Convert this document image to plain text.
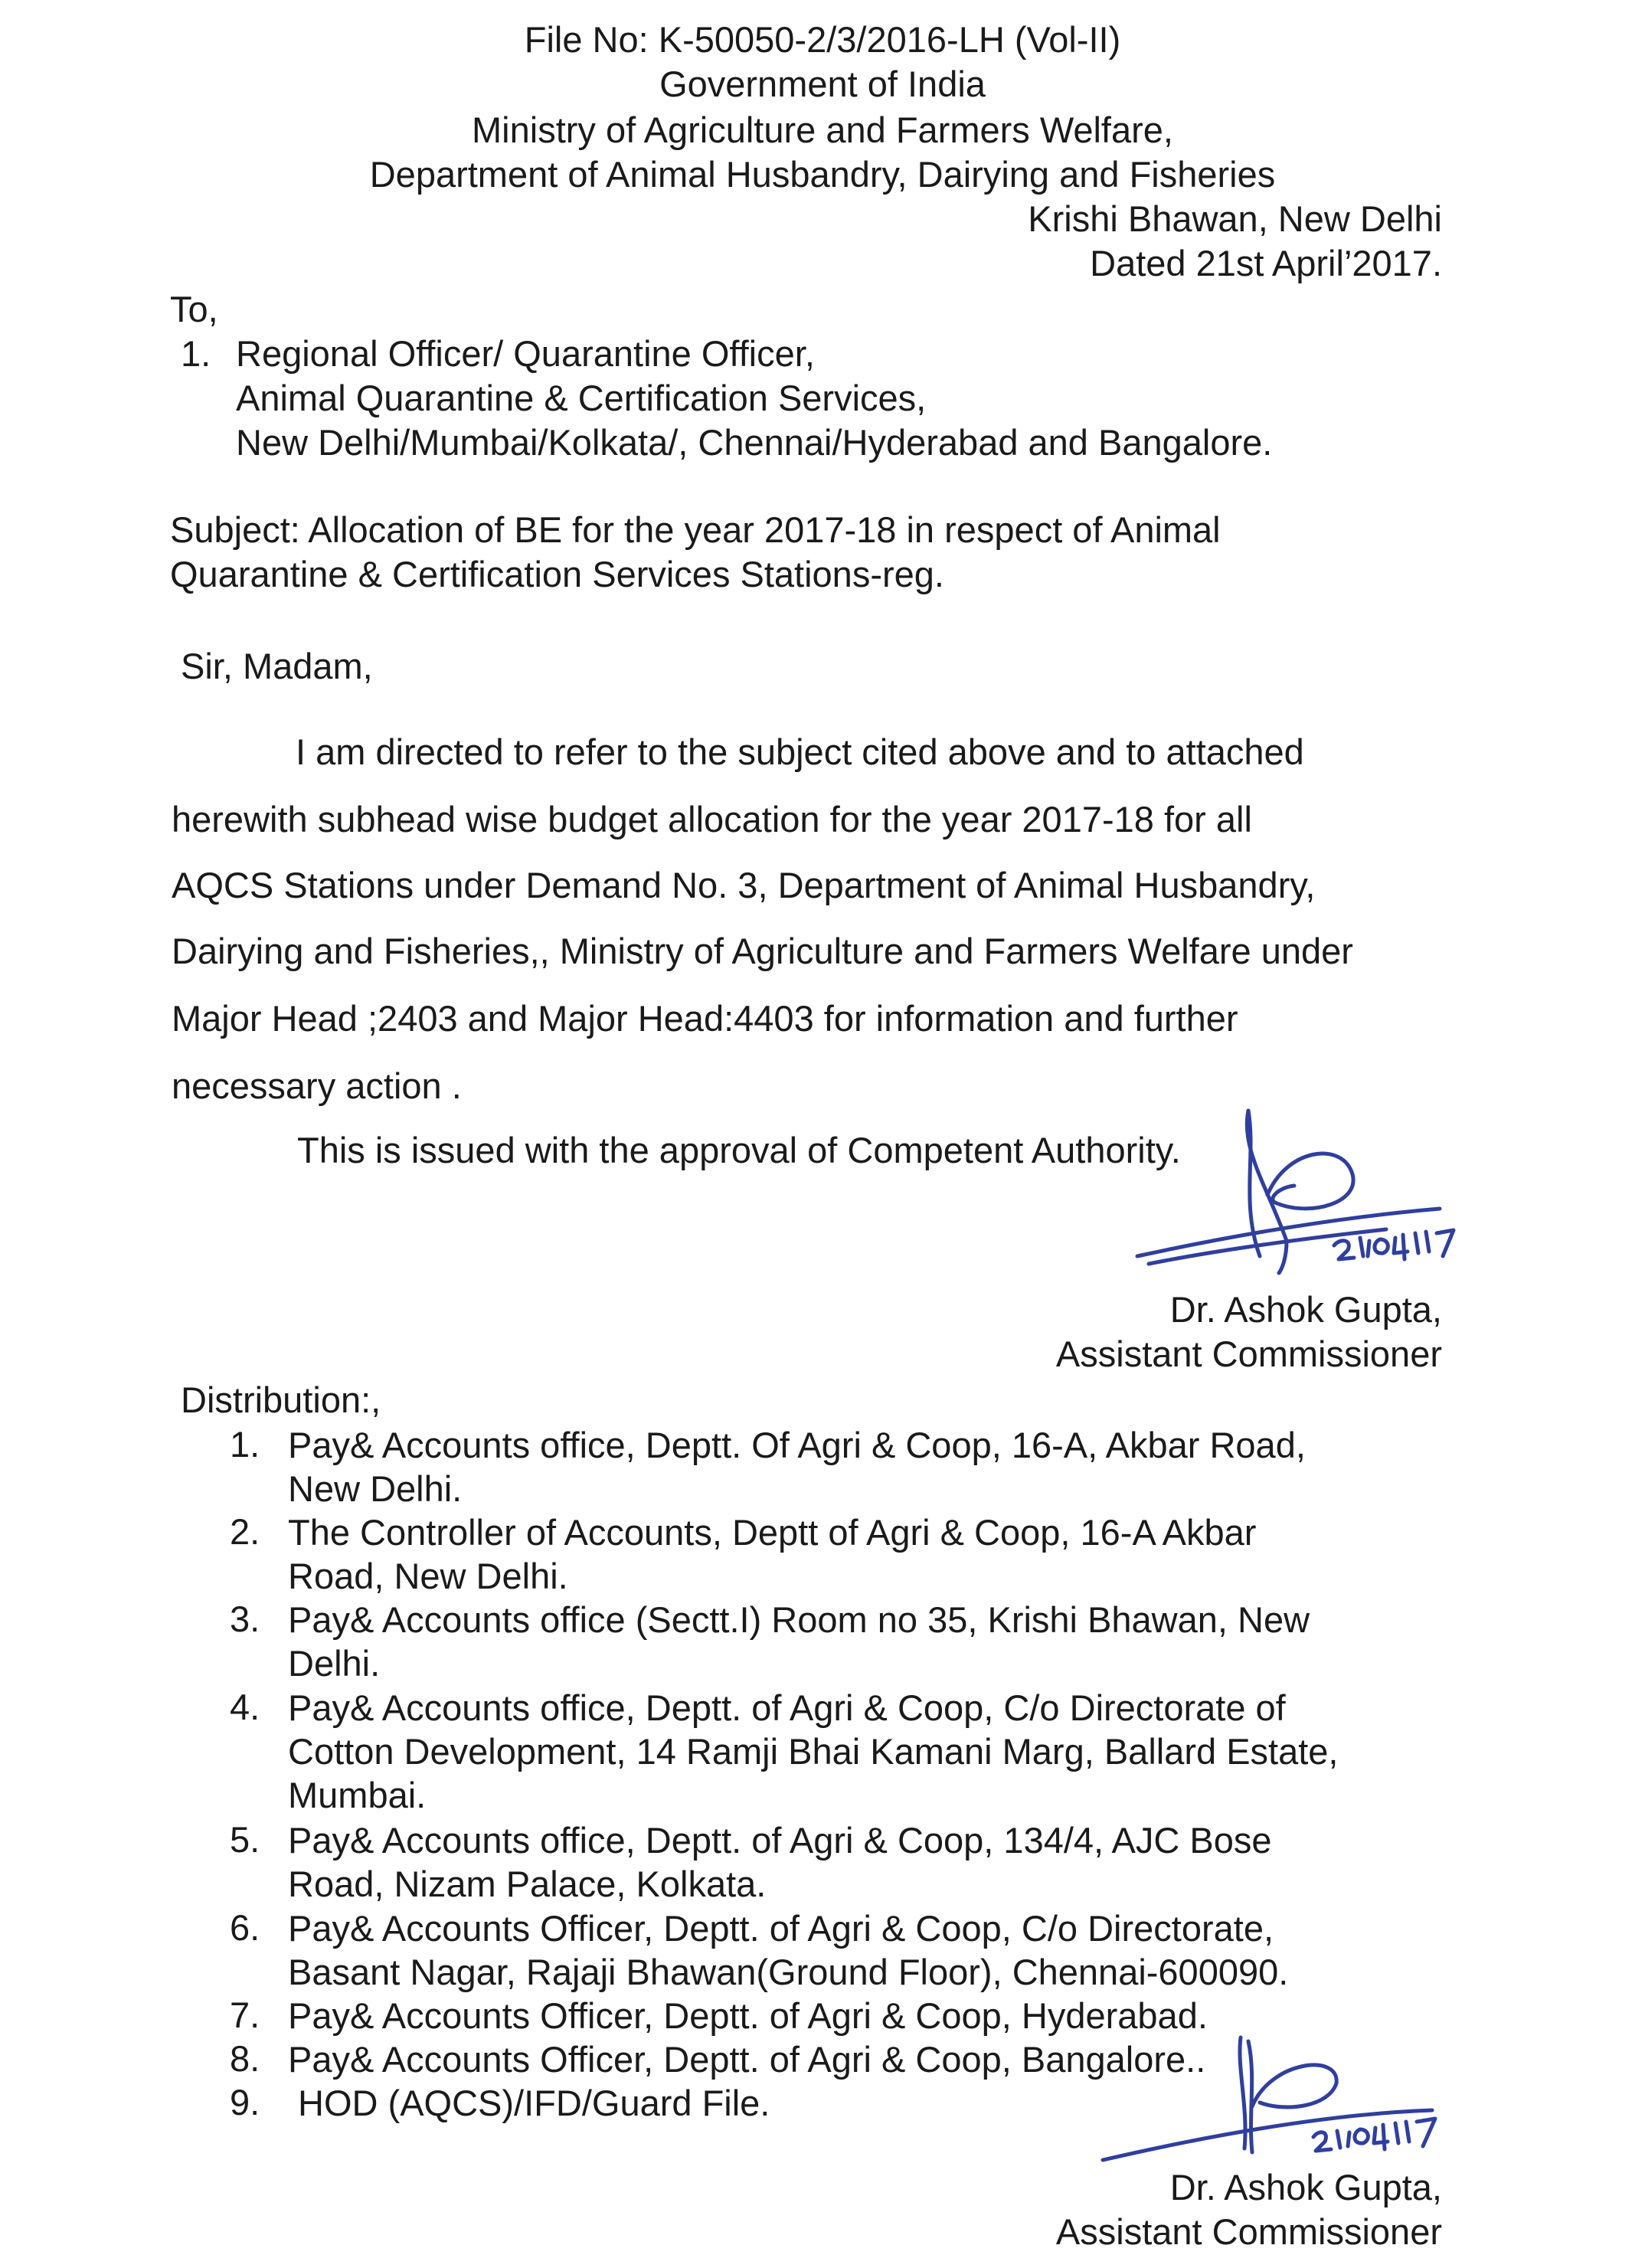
File No: K-50050-2/3/2016-LH (Vol-II)
Government of India
Ministry of Agriculture and Farmers Welfare,
Department of Animal Husbandry, Dairying and Fisheries
Krishi Bhawan, New Delhi
Dated 21st April’2017.
To,
1. Regional Officer/ Quarantine Officer,
Animal Quarantine & Certification Services,
New Delhi/Mumbai/Kolkata/, Chennai/Hyderabad and Bangalore.
Subject: Allocation of BE for the year 2017-18 in respect of Animal
Quarantine & Certification Services Stations-reg.
Sir, Madam,
I am directed to refer to the subject cited above and to attached
herewith subhead wise budget allocation for the year 2017-18 for all
AQCS Stations under Demand No. 3, Department of Animal Husbandry,
Dairying and Fisheries,, Ministry of Agriculture and Farmers Welfare under
Major Head ;2403 and Major Head:4403 for information and further
necessary action .
This is issued with the approval of Competent Authority.
Dr. Ashok Gupta,
Assistant Commissioner
Distribution:,
1. Pay& Accounts office, Deptt. Of Agri & Coop, 16-A, Akbar Road,
New Delhi.
2. The Controller of Accounts, Deptt of Agri & Coop, 16-A Akbar
Road, New Delhi.
3. Pay& Accounts office (Sectt.I) Room no 35, Krishi Bhawan, New
Delhi.
4. Pay& Accounts office, Deptt. of Agri & Coop, C/o Directorate of
Cotton Development, 14 Ramji Bhai Kamani Marg, Ballard Estate,
Mumbai.
5. Pay& Accounts office, Deptt. of Agri & Coop, 134/4, AJC Bose
Road, Nizam Palace, Kolkata.
6. Pay& Accounts Officer, Deptt. of Agri & Coop, C/o Directorate,
Basant Nagar, Rajaji Bhawan(Ground Floor), Chennai-600090.
7. Pay& Accounts Officer, Deptt. of Agri & Coop, Hyderabad.
8. Pay& Accounts Officer, Deptt. of Agri & Coop, Bangalore..
9. HOD (AQCS)/IFD/Guard File.
Dr. Ashok Gupta,
Assistant Commissioner
